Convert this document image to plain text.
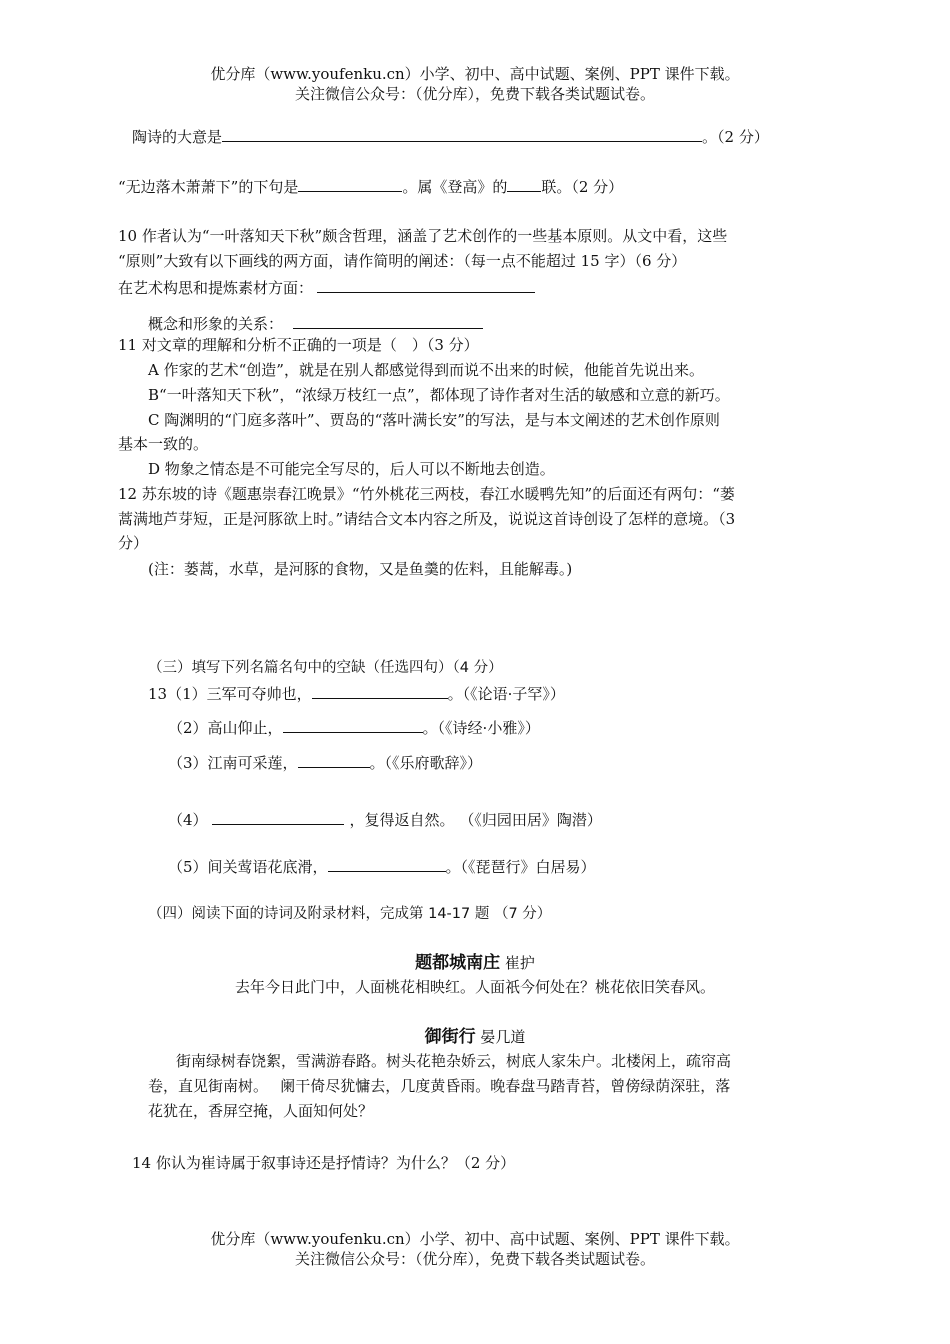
优分库（www.youfenku.cn）小学、初中、高中试题、案例、PPT 课件下载。
关注微信公众号：（优分库），免费下载各类试题试卷。
陶诗的大意是	。（2 分）
“无边落木萧萧下”的下句是	。属《登高》的 联。（2 分）
10 作者认为“一叶落知天下秋”颇含哲理，涵盖了艺术创作的一些基本原则。从文中看，这些
“原则”大致有以下画线的两方面，请作简明的阐述：（每一点不能超过 15 字）（6 分）
在艺术构思和提炼素材方面：
概念和形象的关系：
11 对文章的理解和分析不正确的一项是（　）（3 分）
A 作家的艺术“创造”，就是在别人都感觉得到而说不出来的时候，他能首先说出来。
B“一叶落知天下秋”，“浓绿万枝红一点”，都体现了诗作者对生活的敏感和立意的新巧。
C 陶渊明的“门庭多落叶”、贾岛的“落叶满长安”的写法，是与本文阐述的艺术创作原则
基本一致的。
D 物象之情态是不可能完全写尽的，后人可以不断地去创造。
12 苏东坡的诗《题惠崇春江晚景》“竹外桃花三两枝，春江水暖鸭先知”的后面还有两句：“蒌
蒿满地芦芽短，正是河豚欲上时。”请结合文本内容之所及，说说这首诗创设了怎样的意境。（3
分）
(注：蒌蒿，水草，是河豚的食物，又是鱼羹的佐料，且能解毒。)
（三）填写下列名篇名句中的空缺（任选四句）（4 分）
13（1）三军可夺帅也，	。（《论语·子罕》）
（2）高山仰止，	。（《诗经·小雅》）
（3）江南可采莲，	。（《乐府歌辞》）
（4）	，复得返自然。 （《归园田居》陶潜）
（5）间关莺语花底滑，	。（《琵琶行》白居易）
（四）阅读下面的诗词及附录材料，完成第 14-17 题 （7 分）
题都城南庄 崔护
去年今日此门中，人面桃花相映红。人面祇今何处在？桃花依旧笑春风。
御街行 晏几道
街南绿树春饶絮，雪满游春路。树头花艳杂娇云，树底人家朱户。北楼闲上，疏帘高
卷，直见街南树。　 阑干倚尽犹慵去，几度黄昏雨。晚春盘马踏青苔，曾傍绿荫深驻，落
花犹在，香屏空掩，人面知何处？
14 你认为崔诗属于叙事诗还是抒情诗？为什么？（2 分）
优分库（www.youfenku.cn）小学、初中、高中试题、案例、PPT 课件下载。
关注微信公众号：（优分库），免费下载各类试题试卷。
